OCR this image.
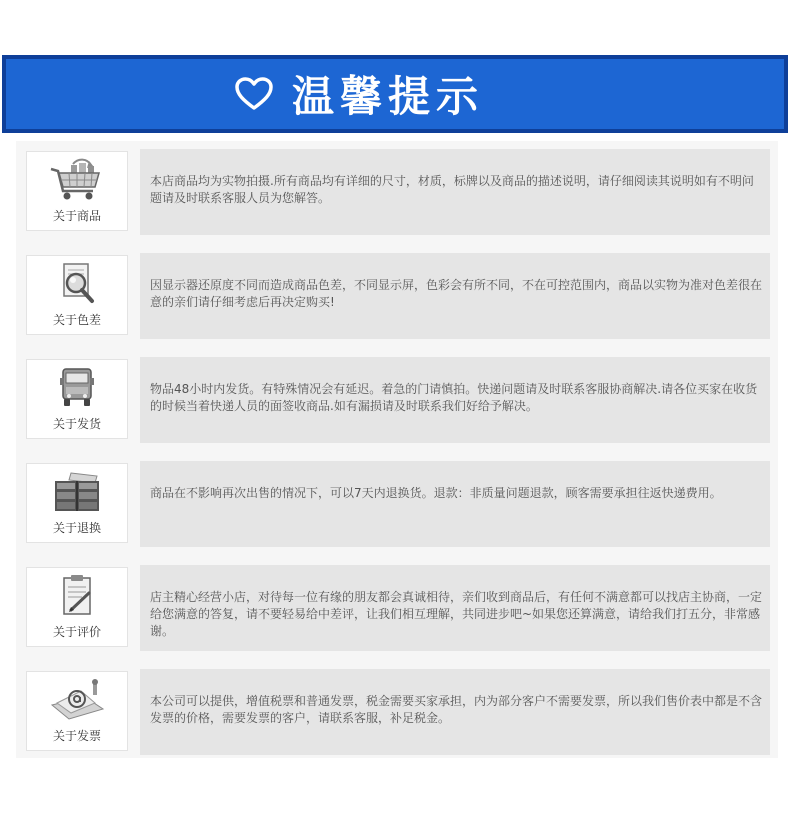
温馨提示
关于商品
本店商品均为实物拍摄.所有商品均有详细的尺寸，材质，标牌以及商品的描述说明，请仔细阅读其说明如有不明问题请及时联系客服人员为您解答。
关于色差
因显示器还原度不同而造成商品色差，不同显示屏，色彩会有所不同，不在可控范围内，商品以实物为准对色差很在意的亲们请仔细考虑后再决定购买!
关于发货
物品48小时内发货。有特殊情况会有延迟。着急的门请慎拍。快递问题请及时联系客服协商解决.请各位买家在收货的时候当着快递人员的面签收商品.如有漏损请及时联系我们好给予解决。
关于退换
商品在不影响再次出售的情况下，可以7天内退换货。退款：非质量问题退款，顾客需要承担往返快递费用。
关于评价
店主精心经营小店，对待每一位有缘的朋友都会真诚相待，亲们收到商品后，有任何不满意都可以找店主协商，一定给您满意的答复，请不要轻易给中差评，让我们相互理解，共同进步吧~如果您还算满意，请给我们打五分，非常感谢。
关于发票
本公司可以提供，增值税票和普通发票，税金需要买家承担，内为部分客户不需要发票，所以我们售价表中都是不含发票的价格，需要发票的客户，请联系客服，补足税金。
